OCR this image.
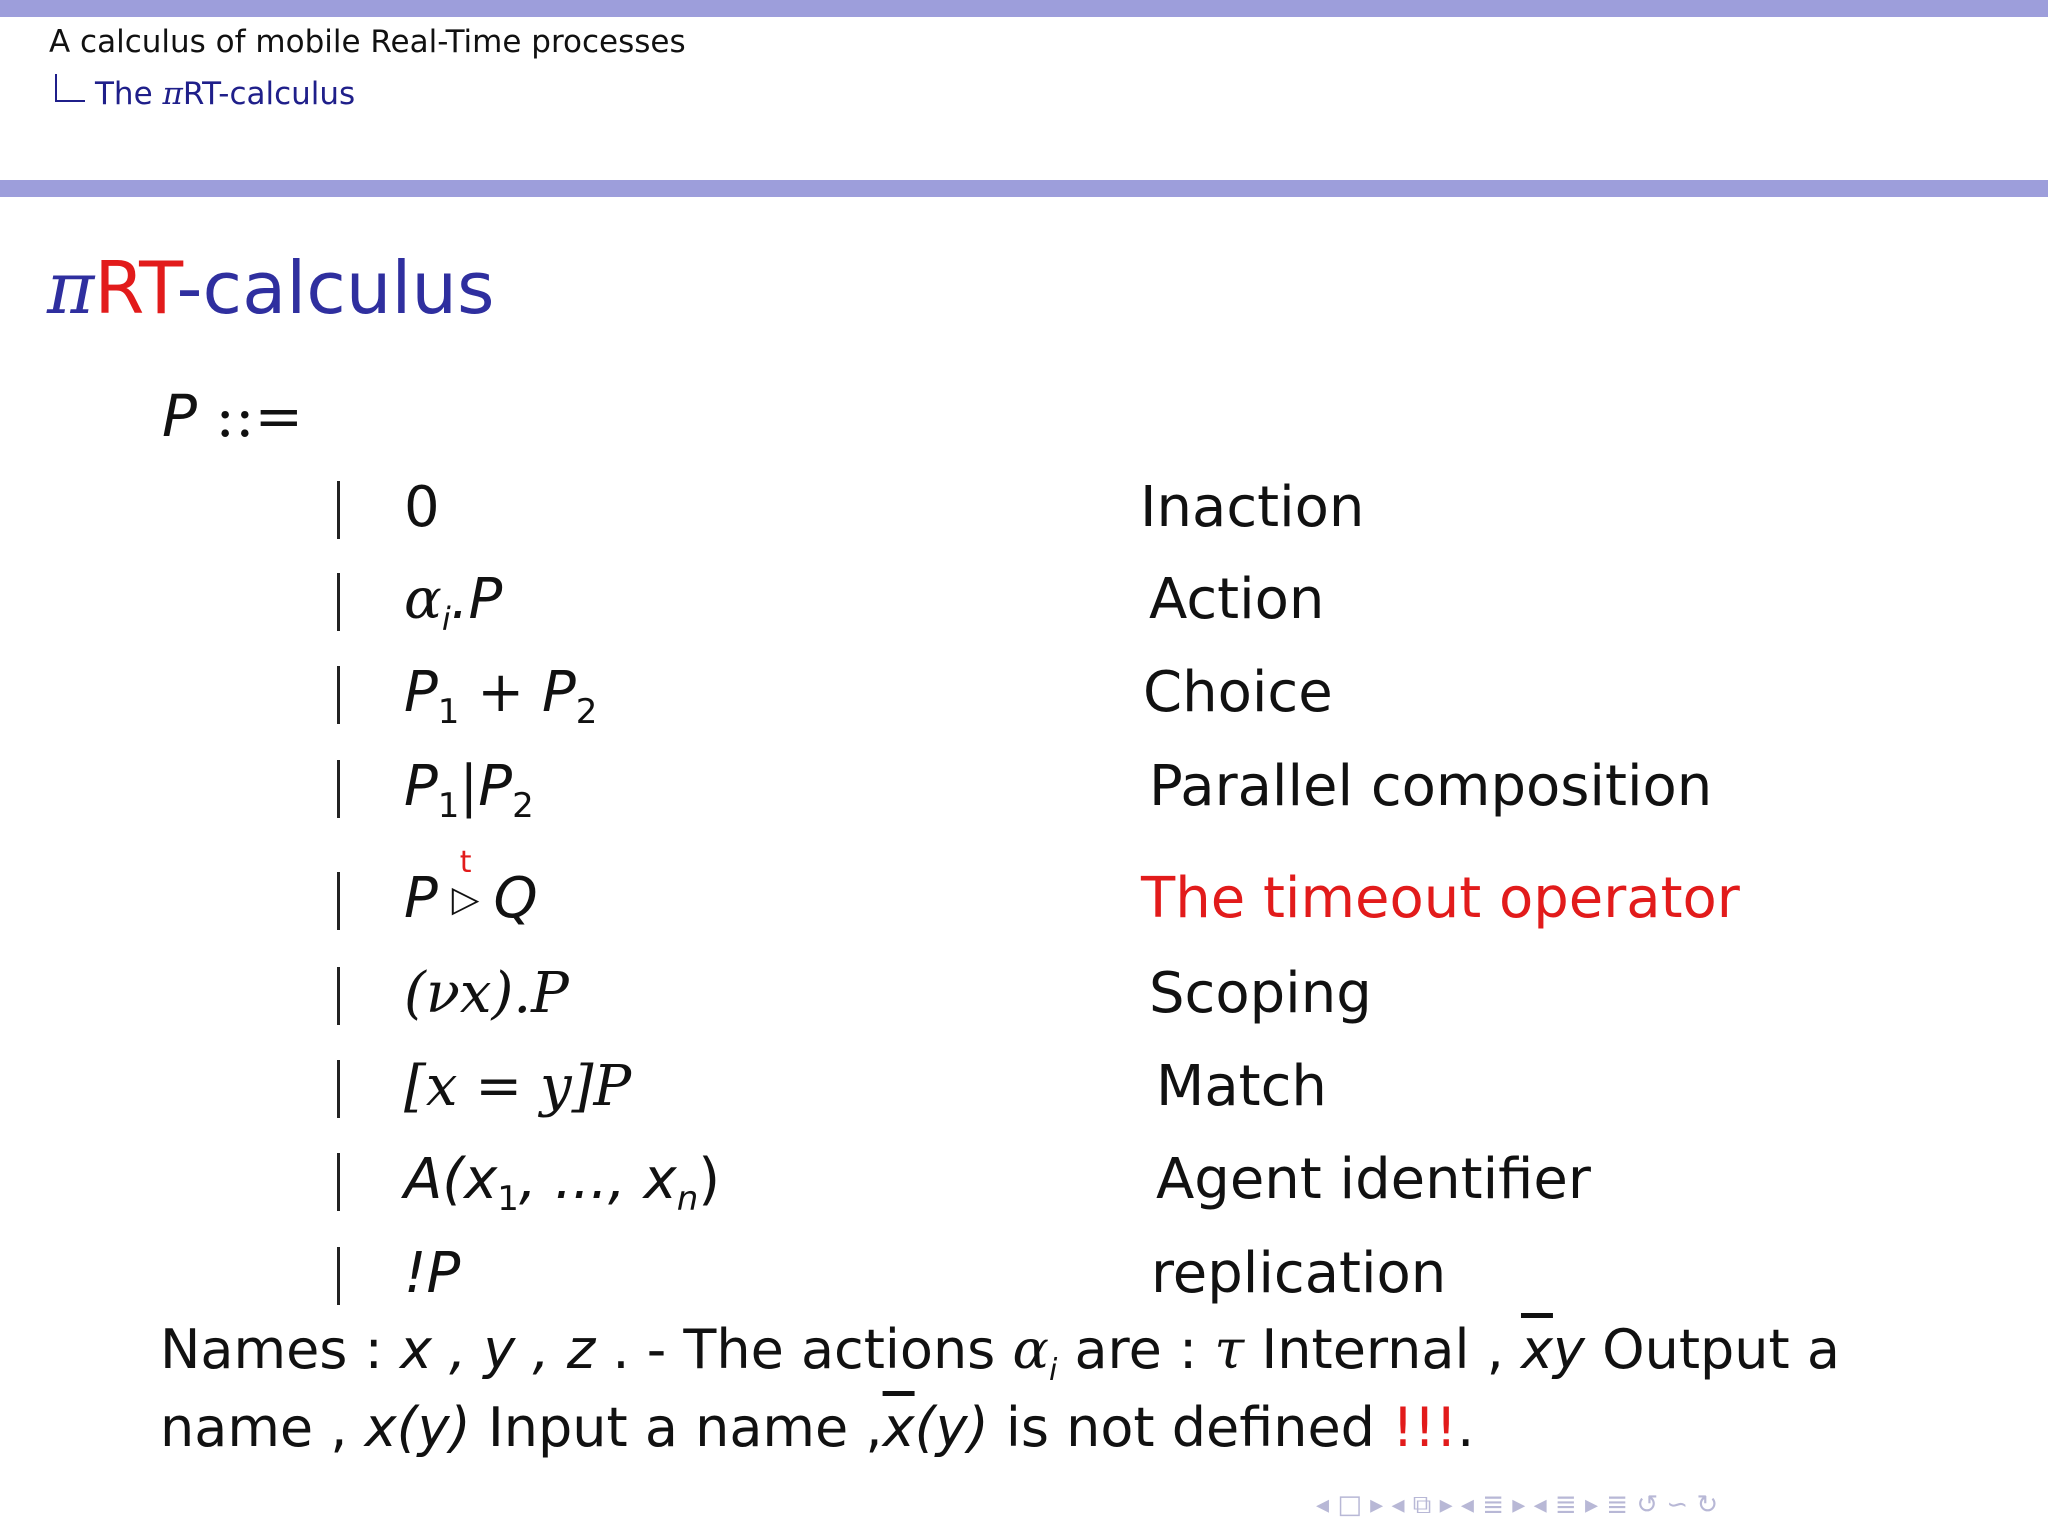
A calculus of mobile Real-Time processes
The πRT-calculus
πRT-calculus
P ::=
0	Inaction
$\alpha_i.P$	Action
$P_1 + P_2$	Choice
$P_1|P_2$	Parallel composition
P
t
▷ Q	The timeout operator
(νx).P	Scoping
[x = y]P	Match
$A(x_1$, ..., $x_n$)	Agent identifier
!P	replication
Names : x , y , z . - The actions $\alpha_i$ are : τ Internal , $\overline{x}y$ Output a
name , x(y) Input a name $,\overline{x}(y)$ is not defined !!!.
◂ □ ▸ ◂ ⧉ ▸ ◂ ≣ ▸ ◂ ≣ ▸ ≣ ↺ ∽ ↻
